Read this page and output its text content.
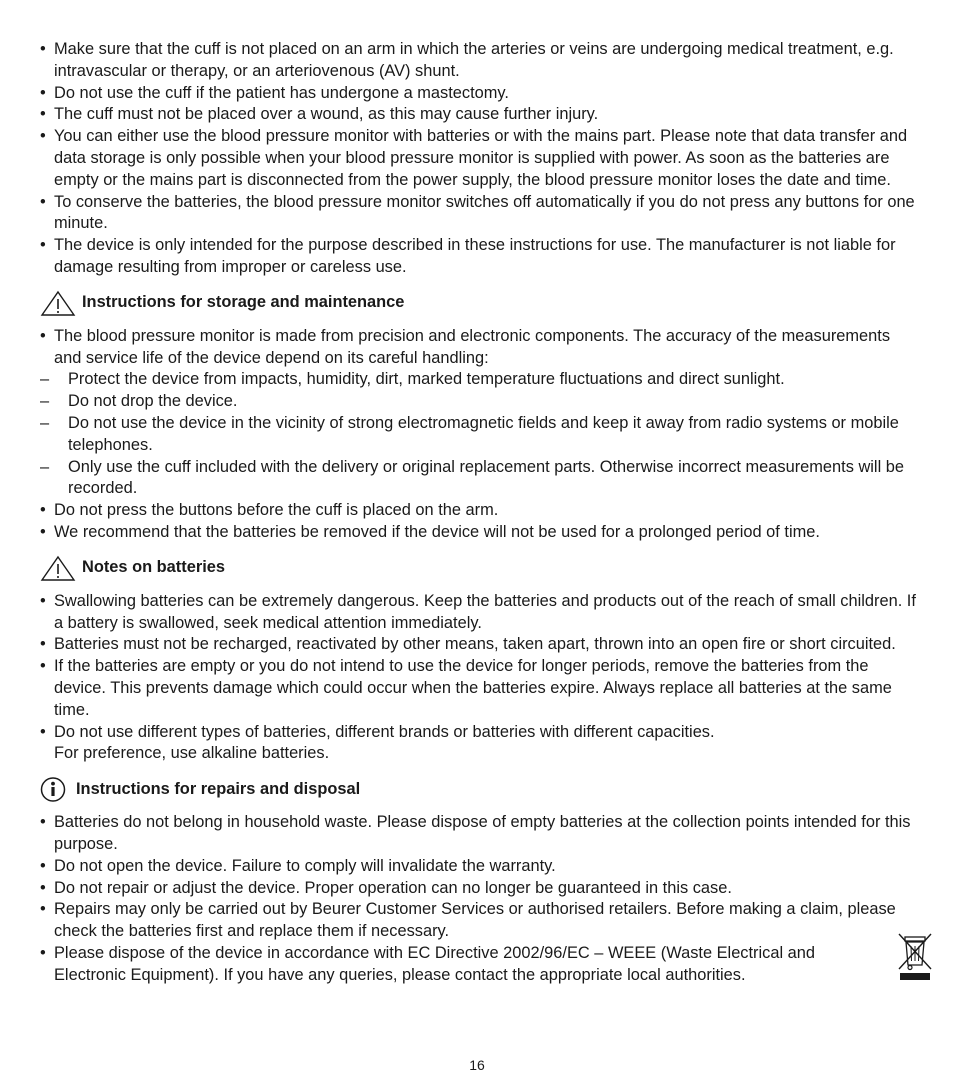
• Make sure that the cuff is not placed on an arm in which the arteries or veins are undergoing medical treatment, e.g. intravascular or therapy, or an arteriovenous (AV) shunt.
• Do not use the cuff if the patient has undergone a mastectomy.
• The cuff must not be placed over a wound, as this may cause further injury.
• You can either use the blood pressure monitor with batteries or with the mains part. Please note that data transfer and data storage is only possible when your blood pressure monitor is supplied with power. As soon as the batteries are empty or the mains part is disconnected from the power supply, the blood pressure monitor loses the date and time.
• To conserve the batteries, the blood pressure monitor switches off automatically if you do not press any buttons for one minute.
• The device is only intended for the purpose described in these instructions for use. The manufacturer is not liable for damage resulting from improper or careless use.
Instructions for storage and maintenance
• The blood pressure monitor is made from precision and electronic components. The accuracy of the measurements and service life of the device depend on its careful handling:
– Protect the device from impacts, humidity, dirt, marked temperature fluctuations and direct sunlight.
– Do not drop the device.
– Do not use the device in the vicinity of strong electromagnetic fields and keep it away from radio systems or mobile telephones.
– Only use the cuff included with the delivery or original replacement parts. Otherwise incorrect measurements will be recorded.
• Do not press the buttons before the cuff is placed on the arm.
• We recommend that the batteries be removed if the device will not be used for a prolonged period of time.
Notes on batteries
• Swallowing batteries can be extremely dangerous. Keep the batteries and products out of the reach of small children. If a battery is swallowed, seek medical attention immediately.
• Batteries must not be recharged, reactivated by other means, taken apart, thrown into an open fire or short circuited.
• If the batteries are empty or you do not intend to use the device for longer periods, remove the batteries from the device. This prevents damage which could occur when the batteries expire. Always replace all batteries at the same time.
• Do not use different types of batteries, different brands or batteries with different capacities.
For preference, use alkaline batteries.
Instructions for repairs and disposal
• Batteries do not belong in household waste. Please dispose of empty batteries at the collection points intended for this purpose.
• Do not open the device. Failure to comply will invalidate the warranty.
• Do not repair or adjust the device. Proper operation can no longer be guaranteed in this case.
• Repairs may only be carried out by Beurer Customer Services or authorised retailers. Before making a claim, please check the batteries first and replace them if necessary.
• Please dispose of the device in accordance with EC Directive 2002/96/EC – WEEE (Waste Electrical and Electronic Equipment). If you have any queries, please contact the appropriate local authorities.
16
